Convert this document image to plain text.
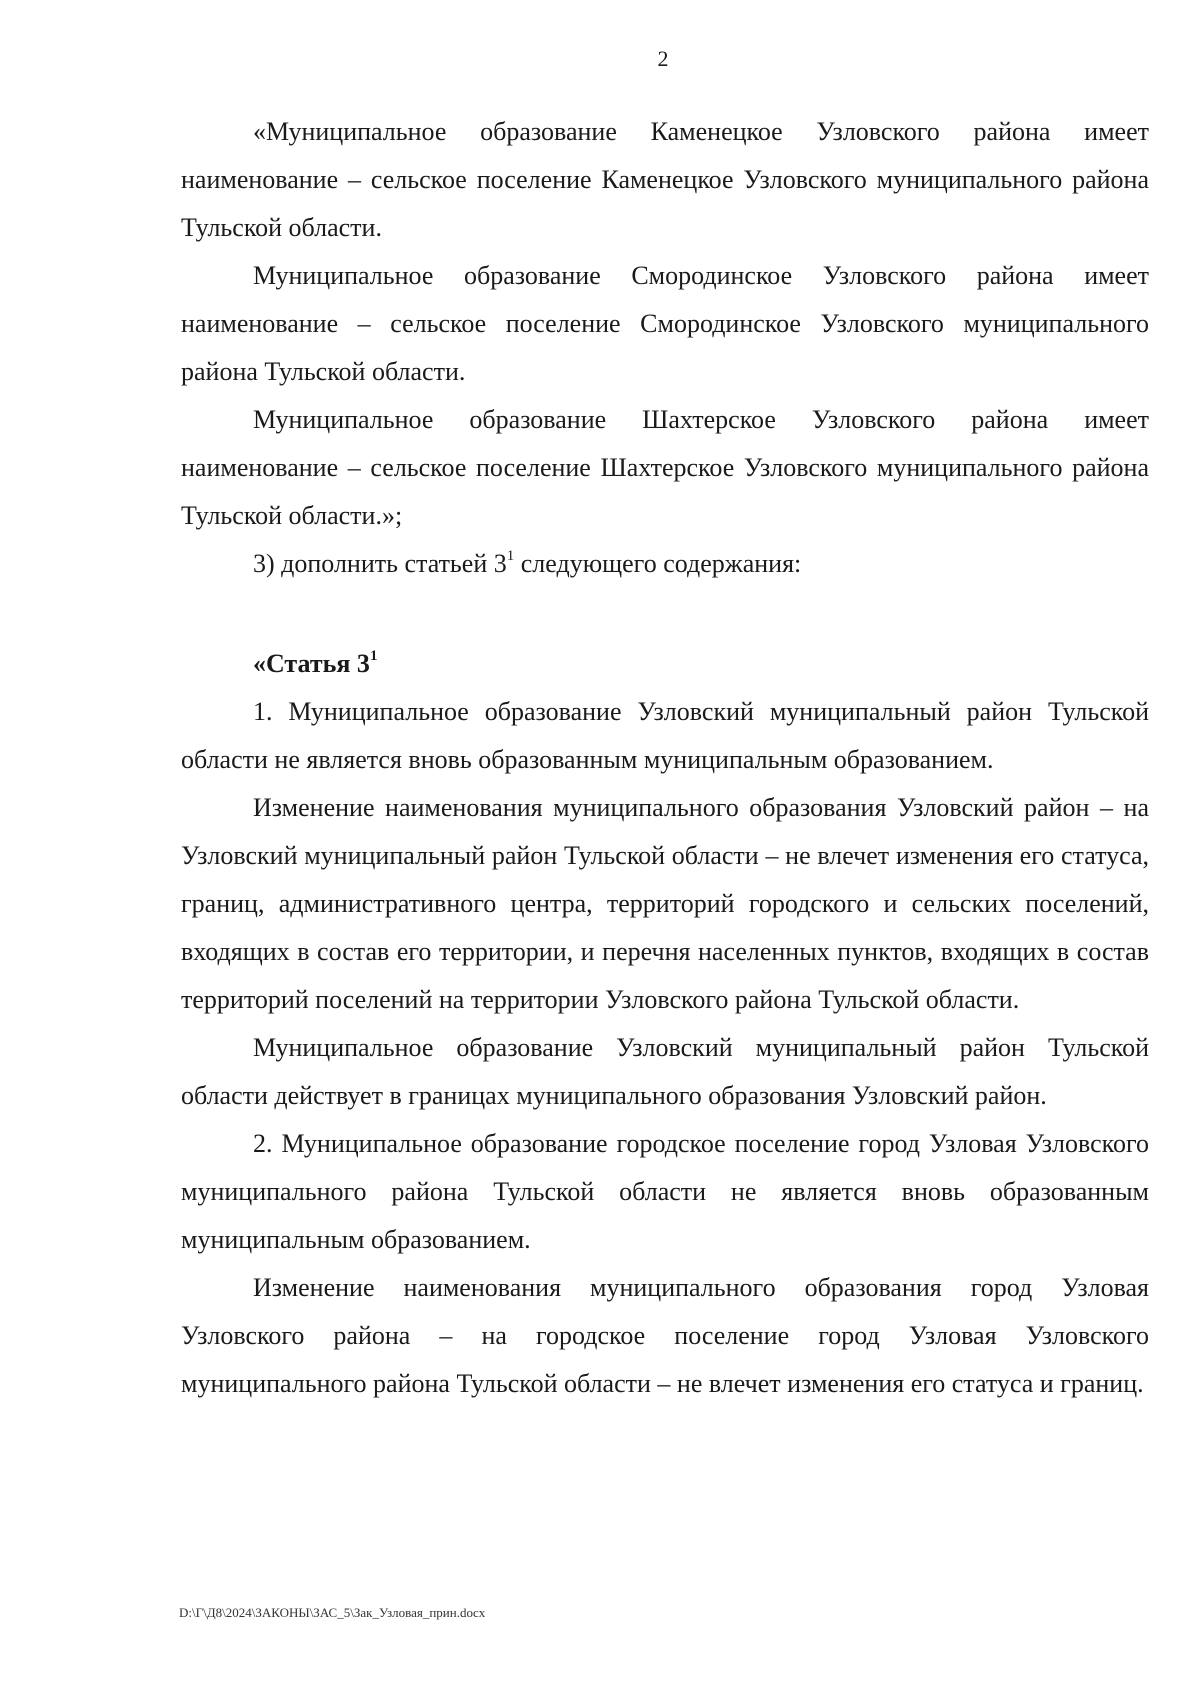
2

«Муниципальное образование Каменецкое Узловского района имеет наименование – сельское поселение Каменецкое Узловского муниципального района Тульской области.

Муниципальное образование Смородинское Узловского района имеет наименование – сельское поселение Смородинское Узловского муниципального района Тульской области.

Муниципальное образование Шахтерское Узловского района имеет наименование – сельское поселение Шахтерское Узловского муниципального района Тульской области.»;

3) дополнить статьей $3^1$ следующего содержания:

«Статья $3^1$

1. Муниципальное образование Узловский муниципальный район Тульской области не является вновь образованным муниципальным образованием.

Изменение наименования муниципального образования Узловский район – на Узловский муниципальный район Тульской области – не влечет изменения его статуса, границ, административного центра, территорий городского и сельских поселений, входящих в состав его территории, и перечня населенных пунктов, входящих в состав территорий поселений на территории Узловского района Тульской области.

Муниципальное образование Узловский муниципальный район Тульской области действует в границах муниципального образования Узловский район.

2. Муниципальное образование городское поселение город Узловая Узловского муниципального района Тульской области не является вновь образованным муниципальным образованием.

Изменение наименования муниципального образования город Узловая Узловского района – на городское поселение город Узловая Узловского муниципального района Тульской области – не влечет изменения его статуса и границ.

D:\Г\Д8\2024\ЗАКОНЫ\ЗАС_5\Зак_Узловая_прин.docx
